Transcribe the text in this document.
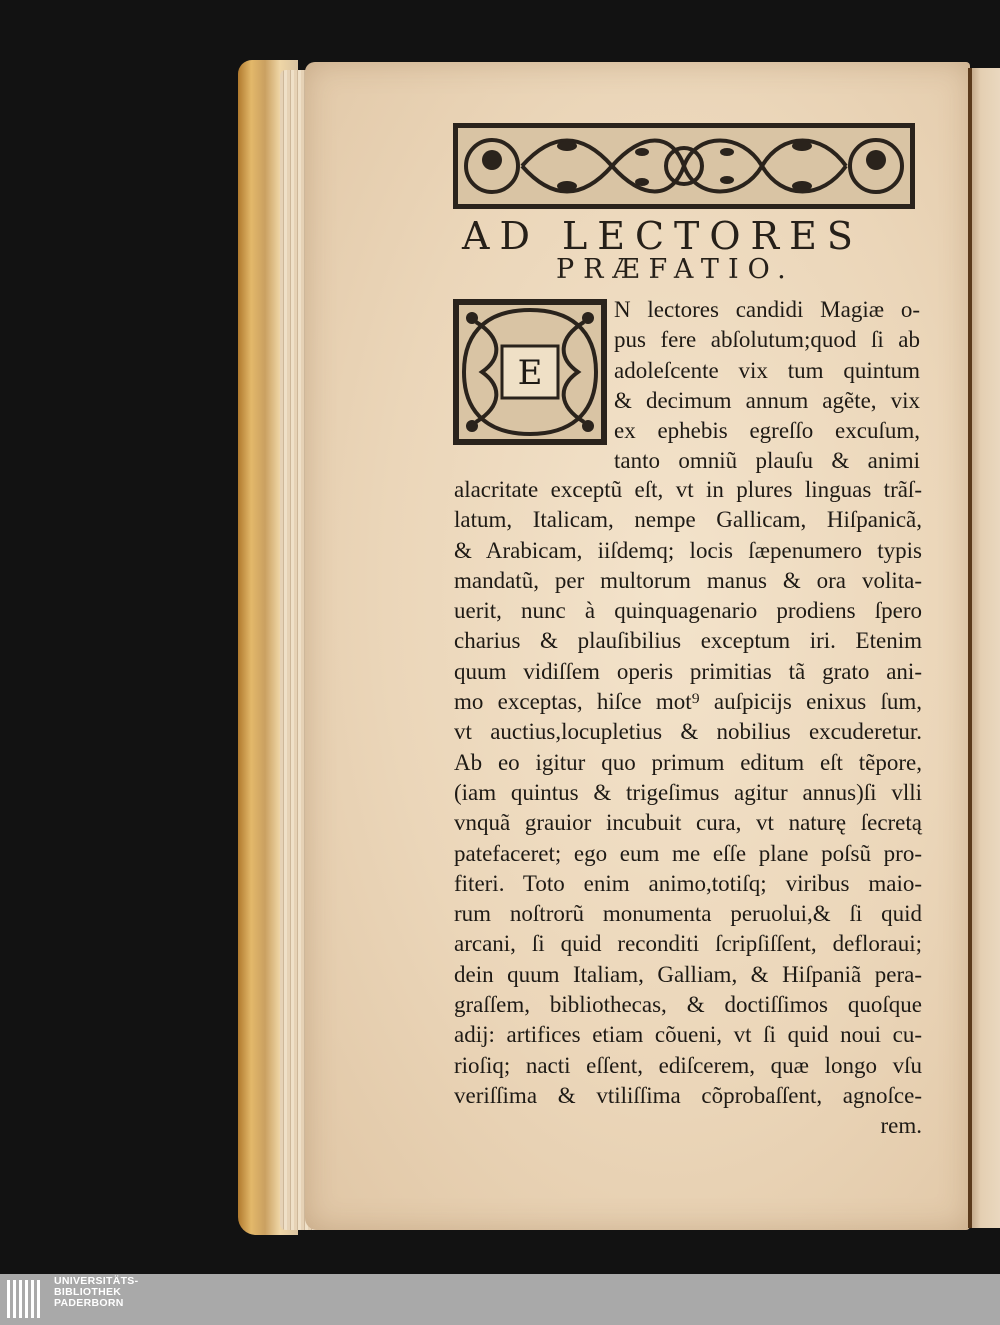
AD LECTORES
PRÆFATIO.
E
N lectores candidi Magiæ o-
pus fere abſolutum;quod ſi ab
adoleſcente vix tum quintum
& decimum annum agẽte, vix
ex ephebis egreſſo excuſum,
tanto omniũ plauſu & animi
alacritate exceptũ eſt, vt in plures linguas trãſ-
latum, Italicam, nempe Gallicam, Hiſpanicã,
& Arabicam, iiſdemq; locis ſæpenumero typis
mandatũ, per multorum manus & ora volita-
uerit, nunc à quinquagenario prodiens ſpero
charius & plauſibilius exceptum iri. Etenim
quum vidiſſem operis primitias tã grato ani-
mo exceptas, hiſce mot⁹ auſpicijs enixus ſum,
vt auctius,locupletius & nobilius excuderetur.
Ab eo igitur quo primum editum eſt tẽpore,
(iam quintus & trigeſimus agitur annus)ſi vlli
vnquã grauior incubuit cura, vt naturę ſecretą
patefaceret; ego eum me eſſe plane poſsũ pro-
fiteri. Toto enim animo,totiſq; viribus maio-
rum noſtrorũ monumenta peruolui,& ſi quid
arcani, ſi quid reconditi ſcripſiſſent, defloraui;
dein quum Italiam, Galliam, & Hiſpaniã pera-
graſſem, bibliothecas, & doctiſſimos quoſque
adij: artifices etiam cõueni, vt ſi quid noui cu-
rioſiq; nacti eſſent, ediſcerem, quæ longo vſu
veriſſima & vtiliſſima cõprobaſſent, agnoſce-
rem.

UNIVERSITÄTS-
BIBLIOTHEK
PADERBORN
